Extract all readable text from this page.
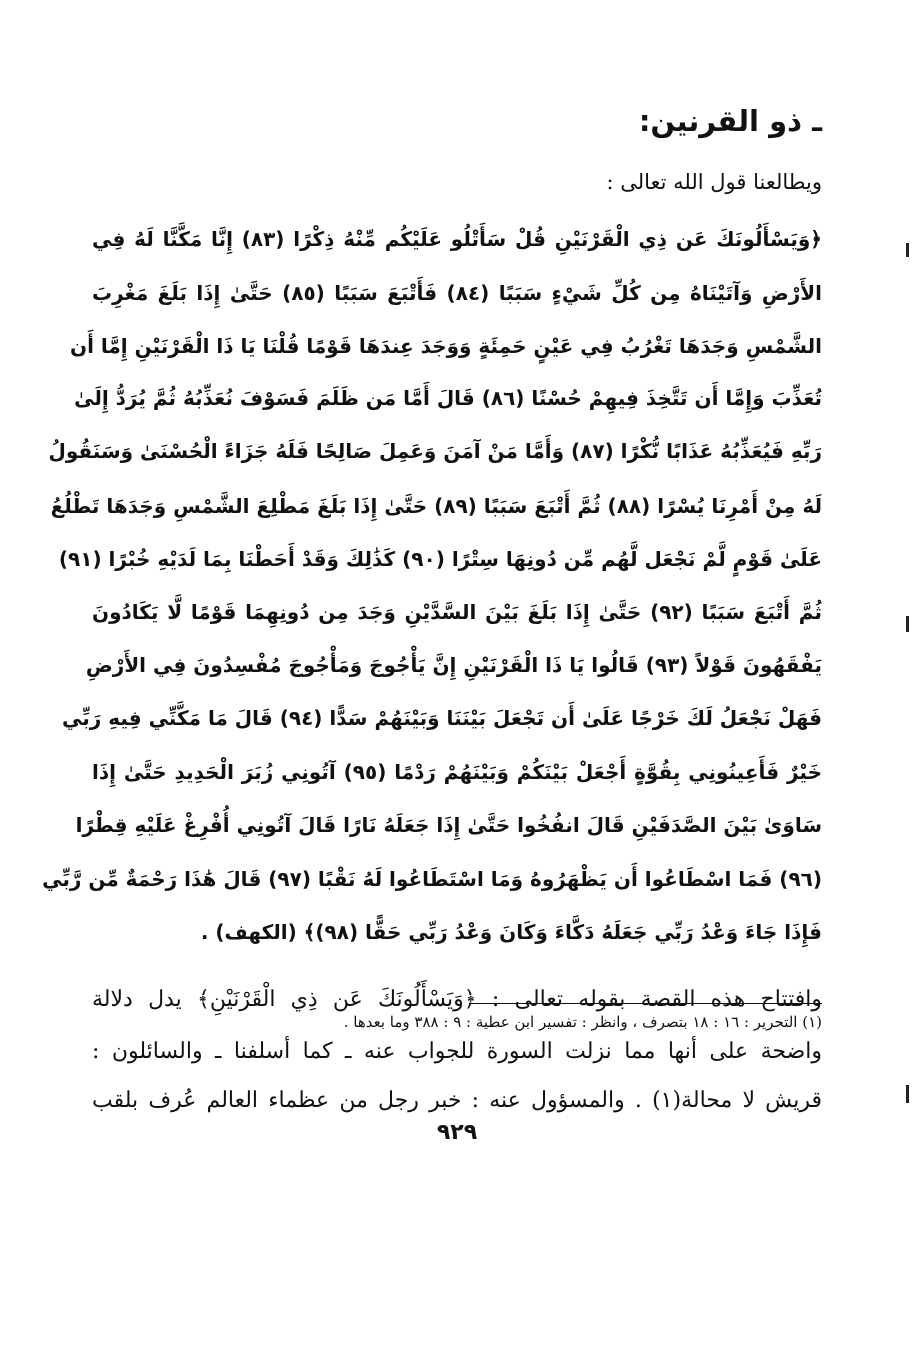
ـ ذو القرنين:
ويطالعنا قول الله تعالى :
﴿وَيَسْأَلُونَكَ عَن ذِي الْقَرْنَيْنِ قُلْ سَأَتْلُو عَلَيْكُم مِّنْهُ ذِكْرًا (٨٣) إِنَّا مَكَّنَّا لَهُ فِي
الأَرْضِ وَآتَيْنَاهُ مِن كُلِّ شَيْءٍ سَبَبًا (٨٤) فَأَتْبَعَ سَبَبًا (٨٥) حَتَّىٰ إِذَا بَلَغَ مَغْرِبَ
الشَّمْسِ وَجَدَهَا تَغْرُبُ فِي عَيْنٍ حَمِئَةٍ وَوَجَدَ عِندَهَا قَوْمًا قُلْنَا يَا ذَا الْقَرْنَيْنِ إِمَّا أَن
تُعَذِّبَ وَإِمَّا أَن تَتَّخِذَ فِيهِمْ حُسْنًا (٨٦) قَالَ أَمَّا مَن ظَلَمَ فَسَوْفَ نُعَذِّبُهُ ثُمَّ يُرَدُّ إِلَىٰ
رَبِّهِ فَيُعَذِّبُهُ عَذَابًا نُّكْرًا (٨٧) وَأَمَّا مَنْ آمَنَ وَعَمِلَ صَالِحًا فَلَهُ جَزَاءً الْحُسْنَىٰ وَسَنَقُولُ
لَهُ مِنْ أَمْرِنَا يُسْرًا (٨٨) ثُمَّ أَتْبَعَ سَبَبًا (٨٩) حَتَّىٰ إِذَا بَلَغَ مَطْلِعَ الشَّمْسِ وَجَدَهَا تَطْلُعُ
عَلَىٰ قَوْمٍ لَّمْ نَجْعَل لَّهُم مِّن دُونِهَا سِتْرًا (٩٠) كَذَٰلِكَ وَقَدْ أَحَطْنَا بِمَا لَدَيْهِ خُبْرًا (٩١)
ثُمَّ أَتْبَعَ سَبَبًا (٩٢) حَتَّىٰ إِذَا بَلَغَ بَيْنَ السَّدَّيْنِ وَجَدَ مِن دُونِهِمَا قَوْمًا لَّا يَكَادُونَ
يَفْقَهُونَ قَوْلاً (٩٣) قَالُوا يَا ذَا الْقَرْنَيْنِ إِنَّ يَأْجُوجَ وَمَأْجُوجَ مُفْسِدُونَ فِي الأَرْضِ
فَهَلْ نَجْعَلُ لَكَ خَرْجًا عَلَىٰ أَن تَجْعَلَ بَيْنَنَا وَبَيْنَهُمْ سَدًّا (٩٤) قَالَ مَا مَكَّنِّي فِيهِ رَبِّي
خَيْرٌ فَأَعِينُونِي بِقُوَّةٍ أَجْعَلْ بَيْنَكُمْ وَبَيْنَهُمْ رَدْمًا (٩٥) آتُونِي زُبَرَ الْحَدِيدِ حَتَّىٰ إِذَا
سَاوَىٰ بَيْنَ الصَّدَفَيْنِ قَالَ انفُخُوا حَتَّىٰ إِذَا جَعَلَهُ نَارًا قَالَ آتُونِي أُفْرِغْ عَلَيْهِ قِطْرًا
(٩٦) فَمَا اسْطَاعُوا أَن يَظْهَرُوهُ وَمَا اسْتَطَاعُوا لَهُ نَقْبًا (٩٧) قَالَ هَٰذَا رَحْمَةٌ مِّن رَّبِّي
فَإِذَا جَاءَ وَعْدُ رَبِّي جَعَلَهُ دَكَّاءَ وَكَانَ وَعْدُ رَبِّي حَقًّا (٩٨)﴾ (الكهف) .
وافتتاح هذه القصة بقوله تعالى : ﴿وَيَسْأَلُونَكَ عَن ذِي الْقَرْنَيْنِ﴾ يدل دلالة
واضحة على أنها مما نزلت السورة للجواب عنه ـ كما أسلفنا ـ والسائلون :
قريش لا محالة(١) . والمسؤول عنه : خبر رجل من عظماء العالم عُرف بلقب
(١) التحرير : ١٦ : ١٨ بتصرف ، وانظر : تفسير ابن عطية : ٩ : ٣٨٨ وما بعدها .
٩٢٩
